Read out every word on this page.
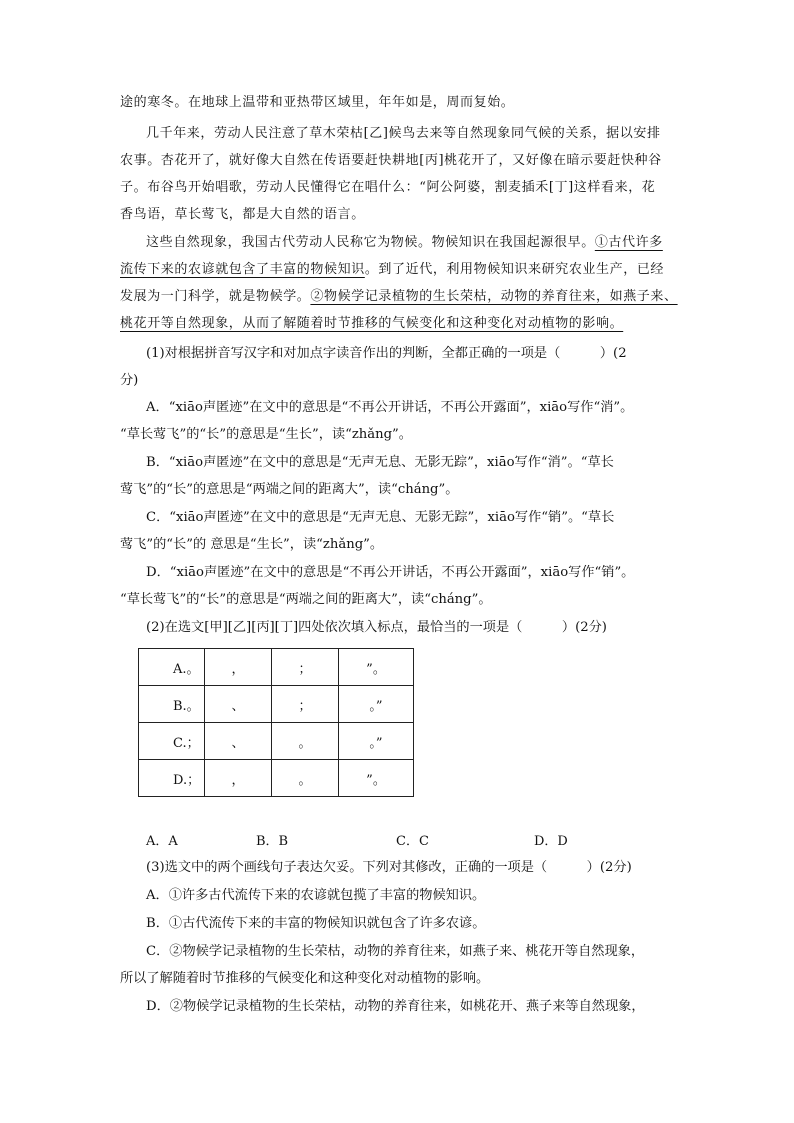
途的寒冬。在地球上温带和亚热带区域里，年年如是，周而复始。
几千年来，劳动人民注意了草木荣枯[乙]候鸟去来等自然现象同气候的关系，据以安排
农事。杏花开了，就好像大自然在传语要赶快耕地[丙]桃花开了，又好像在暗示要赶快种谷
子。布谷鸟开始唱歌，劳动人民懂得它在唱什么：“阿公阿婆，割麦插禾[丁]这样看来，花
香鸟语，草长莺飞，都是大自然的语言。
这些自然现象，我国古代劳动人民称它为物候。物候知识在我国起源很早。①古代许多
流传下来的农谚就包含了丰富的物候知识。到了近代，利用物候知识来研究农业生产，已经
发展为一门科学，就是物候学。②物候学记录植物的生长荣枯，动物的养育往来，如燕子来、
桃花开等自然现象，从而了解随着时节推移的气候变化和这种变化对动植物的影响。
(1)对根据拼音写汉字和对加点字读音作出的判断，全都正确的一项是（　　　）(2
分)
A．“xiāo声匿迹”在文中的意思是“不再公开讲话，不再公开露面”，xiāo写作“消”。
“草长莺飞”的“长”的意思是“生长”，读“zhǎng”。
B．“xiāo声匿迹”在文中的意思是“无声无息、无影无踪”，xiāo写作“消”。“草长
莺飞”的“长”的意思是“两端之间的距离大”，读“cháng”。
C．“xiāo声匿迹”在文中的意思是“无声无息、无影无踪”，xiāo写作“销”。“草长
莺飞”的“长”的 意思是“生长”，读“zhǎng”。
D．“xiāo声匿迹”在文中的意思是“不再公开讲话，不再公开露面”，xiāo写作“销”。
“草长莺飞”的“长”的意思是“两端之间的距离大”，读“cháng”。
(2)在选文[甲][乙][丙][丁]四处依次填入标点，最恰当的一项是（　　　）(2分)
A.。	，	；	”。
B.。	、	；	。”
C.；	、	。	。”
D.；	，	。	”。
A．A	B．B	C．C	D．D
(3)选文中的两个画线句子表达欠妥。下列对其修改，正确的一项是（　　　）(2分)
A．①许多古代流传下来的农谚就包揽了丰富的物候知识。
B．①古代流传下来的丰富的物候知识就包含了许多农谚。
C．②物候学记录植物的生长荣枯，动物的养育往来，如燕子来、桃花开等自然现象，
所以了解随着时节推移的气候变化和这种变化对动植物的影响。
D．②物候学记录植物的生长荣枯，动物的养育往来，如桃花开、燕子来等自然现象，
